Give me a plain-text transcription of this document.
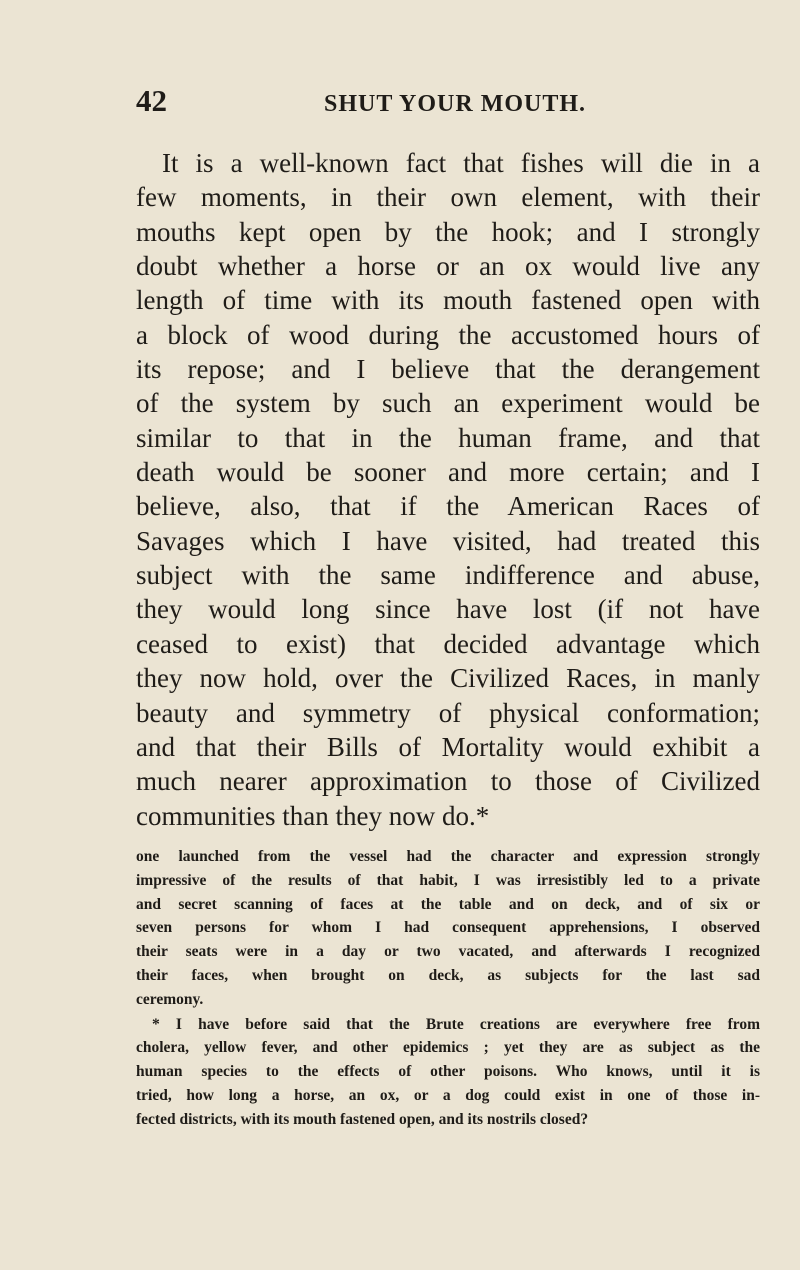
42	SHUT YOUR MOUTH.
It is a well-known fact that fishes will die in a
few moments, in their own element, with their
mouths kept open by the hook; and I strongly
doubt whether a horse or an ox would live any
length of time with its mouth fastened open with
a block of wood during the accustomed hours of
its repose; and I believe that the derangement
of the system by such an experiment would be
similar to that in the human frame, and that
death would be sooner and more certain; and I
believe, also, that if the American Races of
Savages which I have visited, had treated this
subject with the same indifference and abuse,
they would long since have lost (if not have
ceased to exist) that decided advantage which
they now hold, over the Civilized Races, in manly
beauty and symmetry of physical conformation;
and that their Bills of Mortality would exhibit a
much nearer approximation to those of Civilized
communities than they now do.*
one launched from the vessel had the character and expression strongly
impressive of the results of that habit, I was irresistibly led to a private
and secret scanning of faces at the table and on deck, and of six or
seven persons for whom I had consequent apprehensions, I observed
their seats were in a day or two vacated, and afterwards I recognized
their faces, when brought on deck, as subjects for the last sad
ceremony.
* I have before said that the Brute creations are everywhere free from
cholera, yellow fever, and other epidemics ; yet they are as subject as the
human species to the effects of other poisons. Who knows, until it is
tried, how long a horse, an ox, or a dog could exist in one of those in-
fected districts, with its mouth fastened open, and its nostrils closed?
